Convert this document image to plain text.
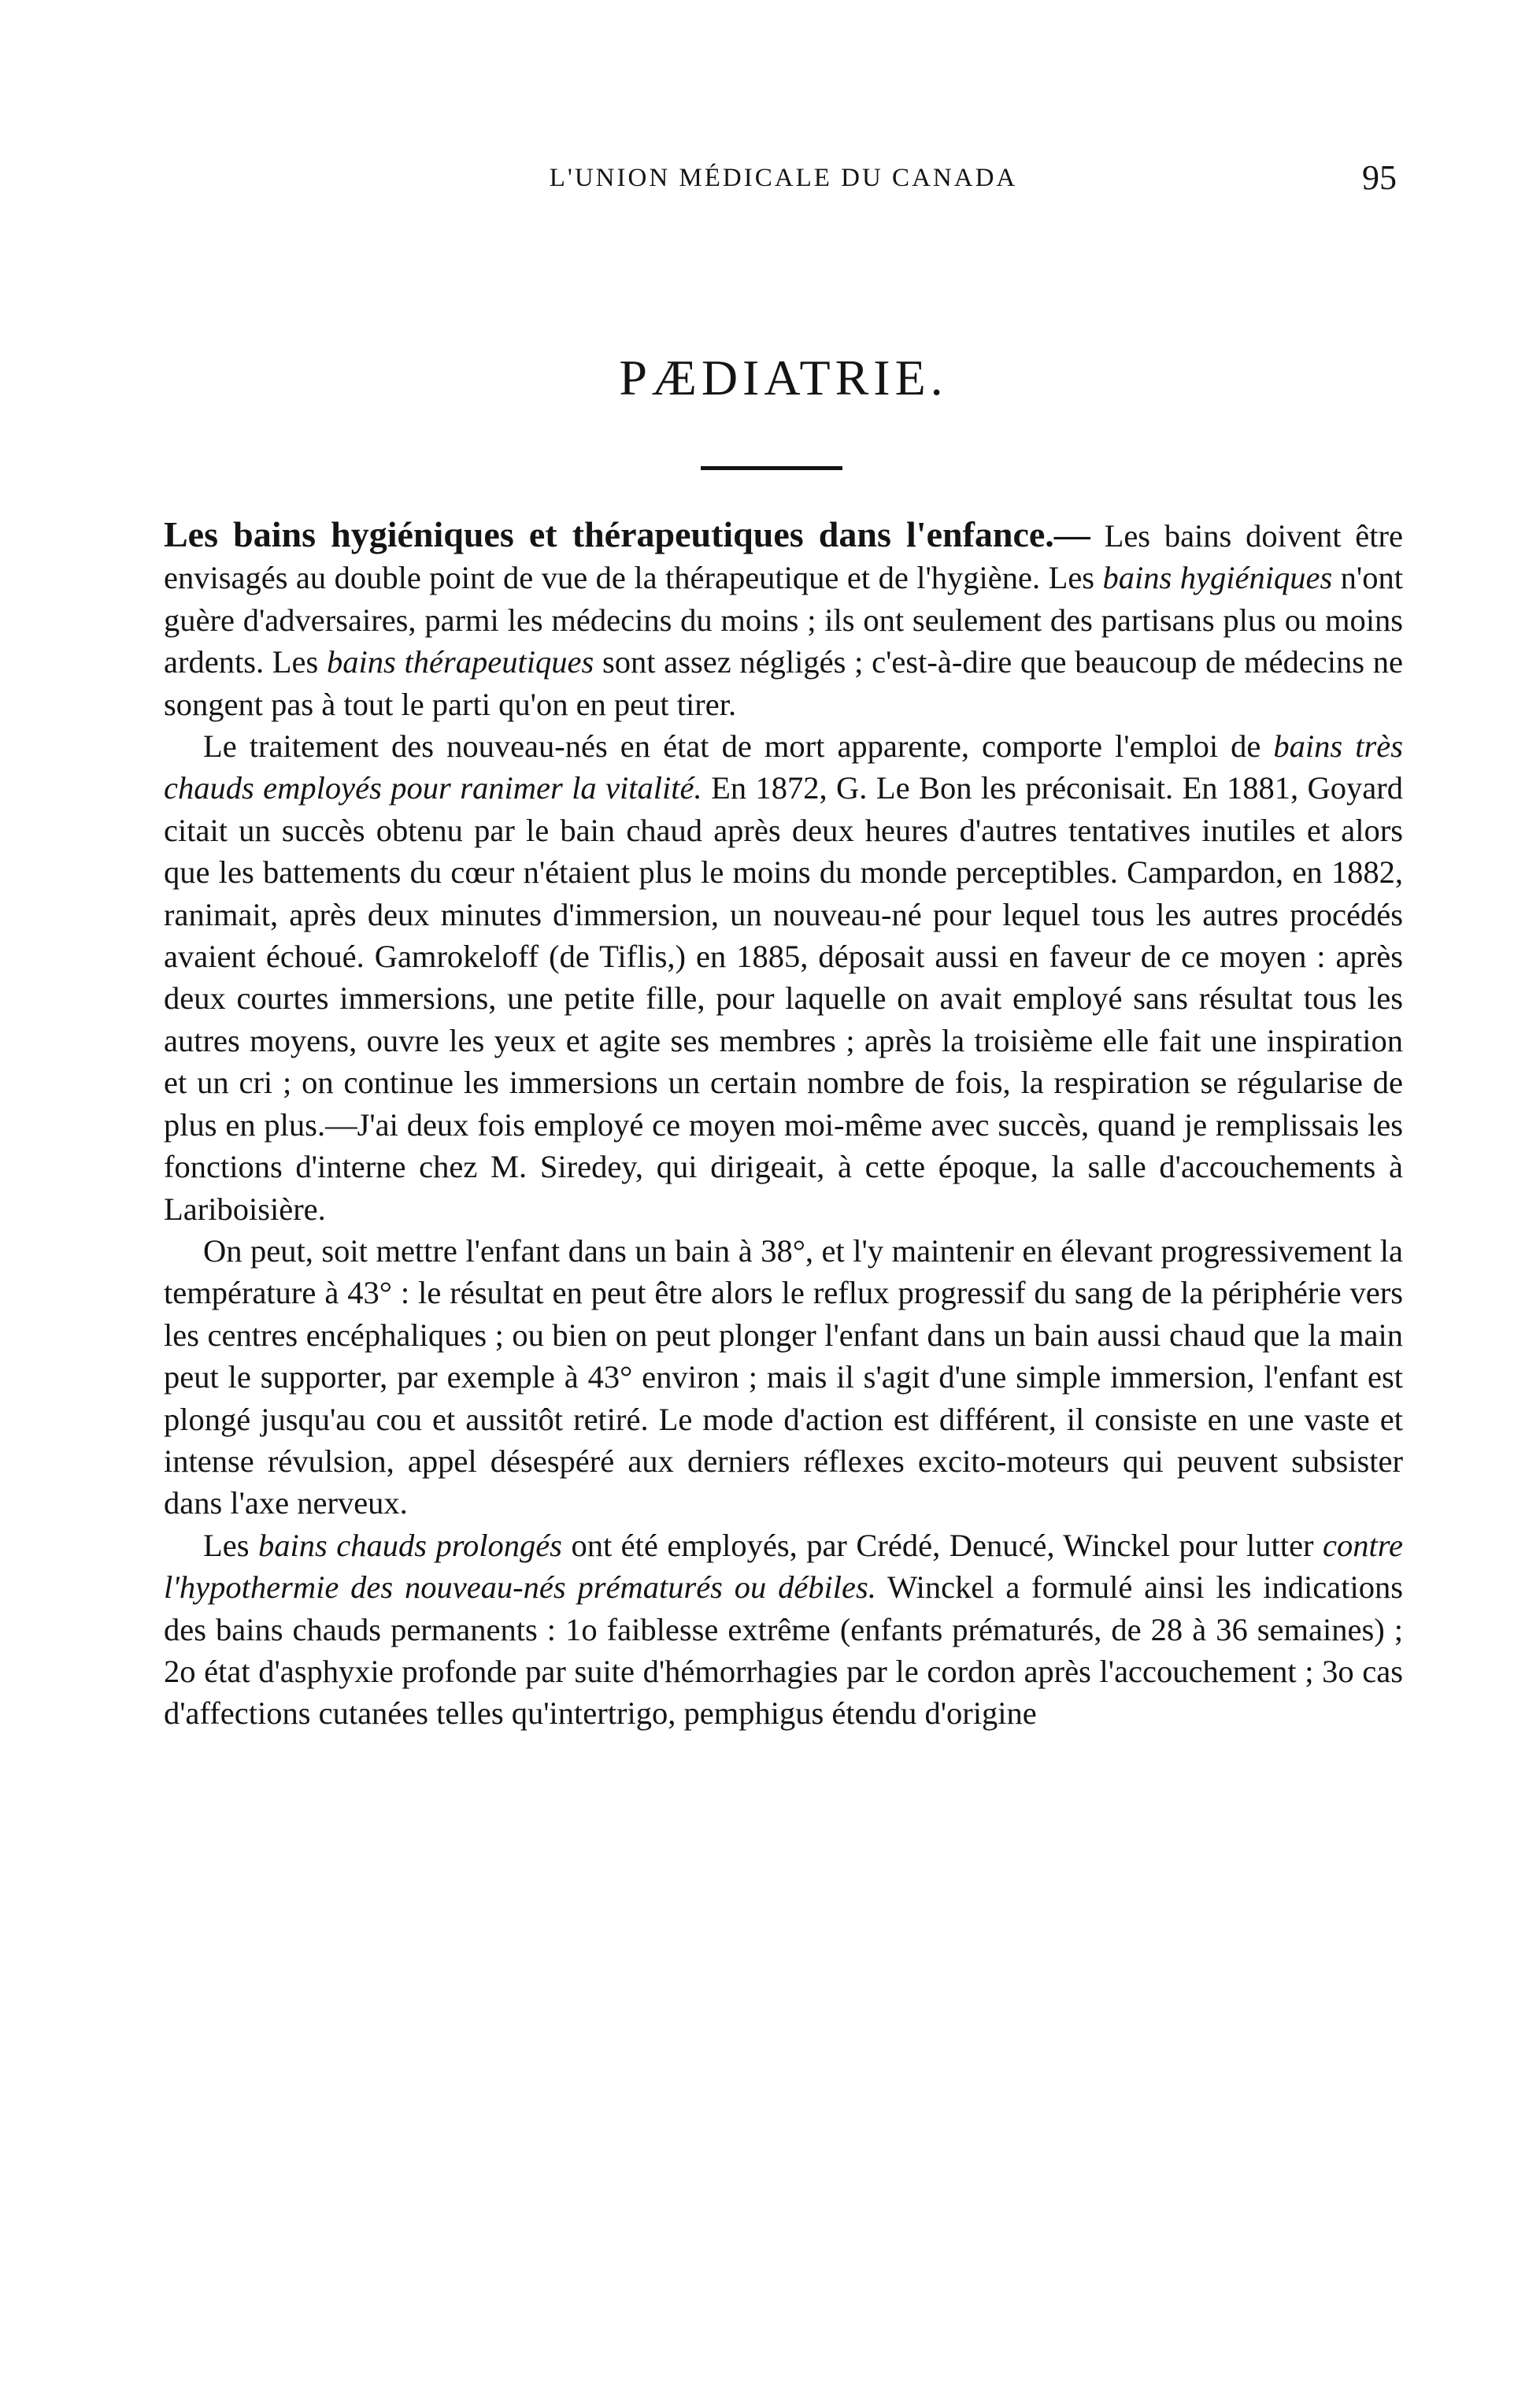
L'UNION MÉDICALE DU CANADA	95
PÆDIATRIE.

Les bains hygiéniques et thérapeutiques dans l'enfance.— Les bains doivent être envisagés au double point de vue de la thérapeutique et de l'hygiène. Les bains hygiéniques n'ont guère d'adversaires, parmi les médecins du moins ; ils ont seulement des partisans plus ou moins ardents. Les bains thérapeutiques sont assez négligés ; c'est-à-dire que beaucoup de médecins ne songent pas à tout le parti qu'on en peut tirer.

Le traitement des nouveau-nés en état de mort apparente, comporte l'emploi de bains très chauds employés pour ranimer la vitalité. En 1872, G. Le Bon les préconisait. En 1881, Goyard citait un succès obtenu par le bain chaud après deux heures d'autres tentatives inutiles et alors que les battements du cœur n'étaient plus le moins du monde perceptibles. Campardon, en 1882, ranimait, après deux minutes d'immersion, un nouveau-né pour lequel tous les autres procédés avaient échoué. Gamrokeloff (de Tiflis,) en 1885, déposait aussi en faveur de ce moyen : après deux courtes immersions, une petite fille, pour laquelle on avait employé sans résultat tous les autres moyens, ouvre les yeux et agite ses membres ; après la troisième elle fait une inspiration et un cri ; on continue les immersions un certain nombre de fois, la respiration se régularise de plus en plus.—J'ai deux fois employé ce moyen moi-même avec succès, quand je remplissais les fonctions d'interne chez M. Siredey, qui dirigeait, à cette époque, la salle d'accouchements à Lariboisière.

On peut, soit mettre l'enfant dans un bain à 38°, et l'y maintenir en élevant progressivement la température à 43° : le résultat en peut être alors le reflux progressif du sang de la périphérie vers les centres encéphaliques ; ou bien on peut plonger l'enfant dans un bain aussi chaud que la main peut le supporter, par exemple à 43° environ ; mais il s'agit d'une simple immersion, l'enfant est plongé jusqu'au cou et aussitôt retiré. Le mode d'action est différent, il consiste en une vaste et intense révulsion, appel désespéré aux derniers réflexes excito-moteurs qui peuvent subsister dans l'axe nerveux.

Les bains chauds prolongés ont été employés, par Crédé, Denucé, Winckel pour lutter contre l'hypothermie des nouveau-nés prématurés ou débiles. Winckel a formulé ainsi les indications des bains chauds permanents : 1o faiblesse extrême (enfants prématurés, de 28 à 36 semaines) ; 2o état d'asphyxie profonde par suite d'hémorrhagies par le cordon après l'accouchement ; 3o cas d'affections cutanées telles qu'intertrigo, pemphigus étendu d'origine
